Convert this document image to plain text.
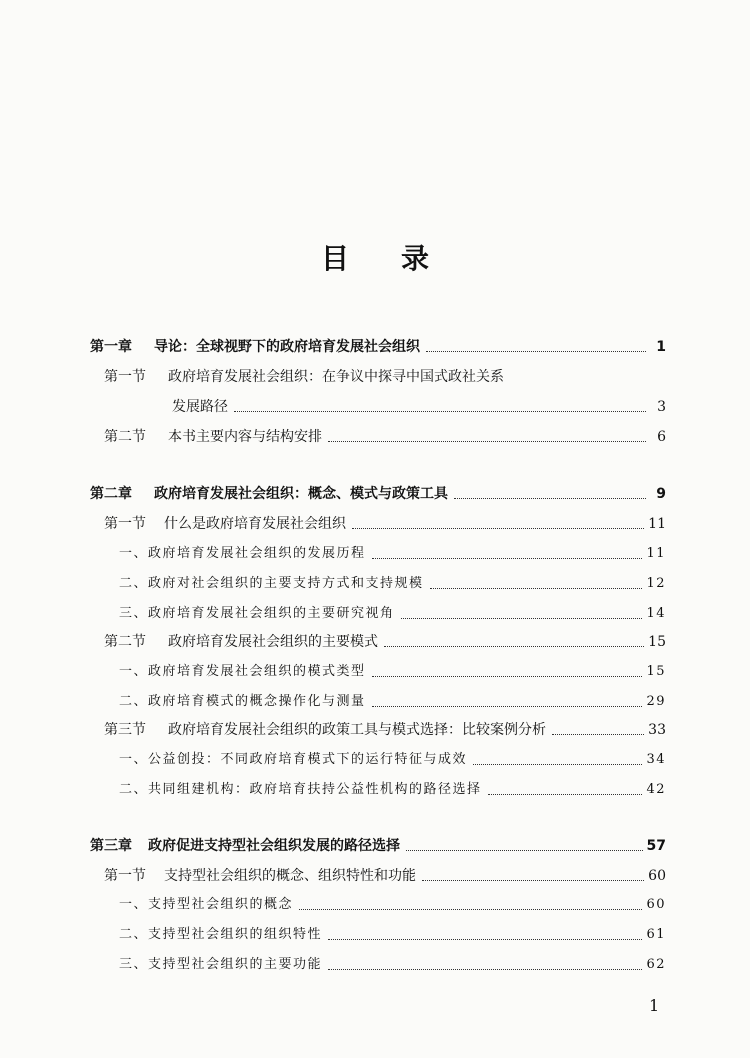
目 录
第一章 导论：全球视野下的政府培育发展社会组织	1
第一节 政府培育发展社会组织：在争议中探寻中国式政社关系
发展路径	3
第二节 本书主要内容与结构安排	6
第二章 政府培育发展社会组织：概念、模式与政策工具	9
第一节 什么是政府培育发展社会组织	11
一、政府培育发展社会组织的发展历程	11
二、政府对社会组织的主要支持方式和支持规模	12
三、政府培育发展社会组织的主要研究视角	14
第二节 政府培育发展社会组织的主要模式	15
一、政府培育发展社会组织的模式类型	15
二、政府培育模式的概念操作化与测量	29
第三节 政府培育发展社会组织的政策工具与模式选择：比较案例分析	33
一、公益创投：不同政府培育模式下的运行特征与成效	34
二、共同组建机构：政府培育扶持公益性机构的路径选择	42
第三章 政府促进支持型社会组织发展的路径选择	57
第一节 支持型社会组织的概念、组织特性和功能	60
一、支持型社会组织的概念	60
二、支持型社会组织的组织特性	61
三、支持型社会组织的主要功能	62
1
